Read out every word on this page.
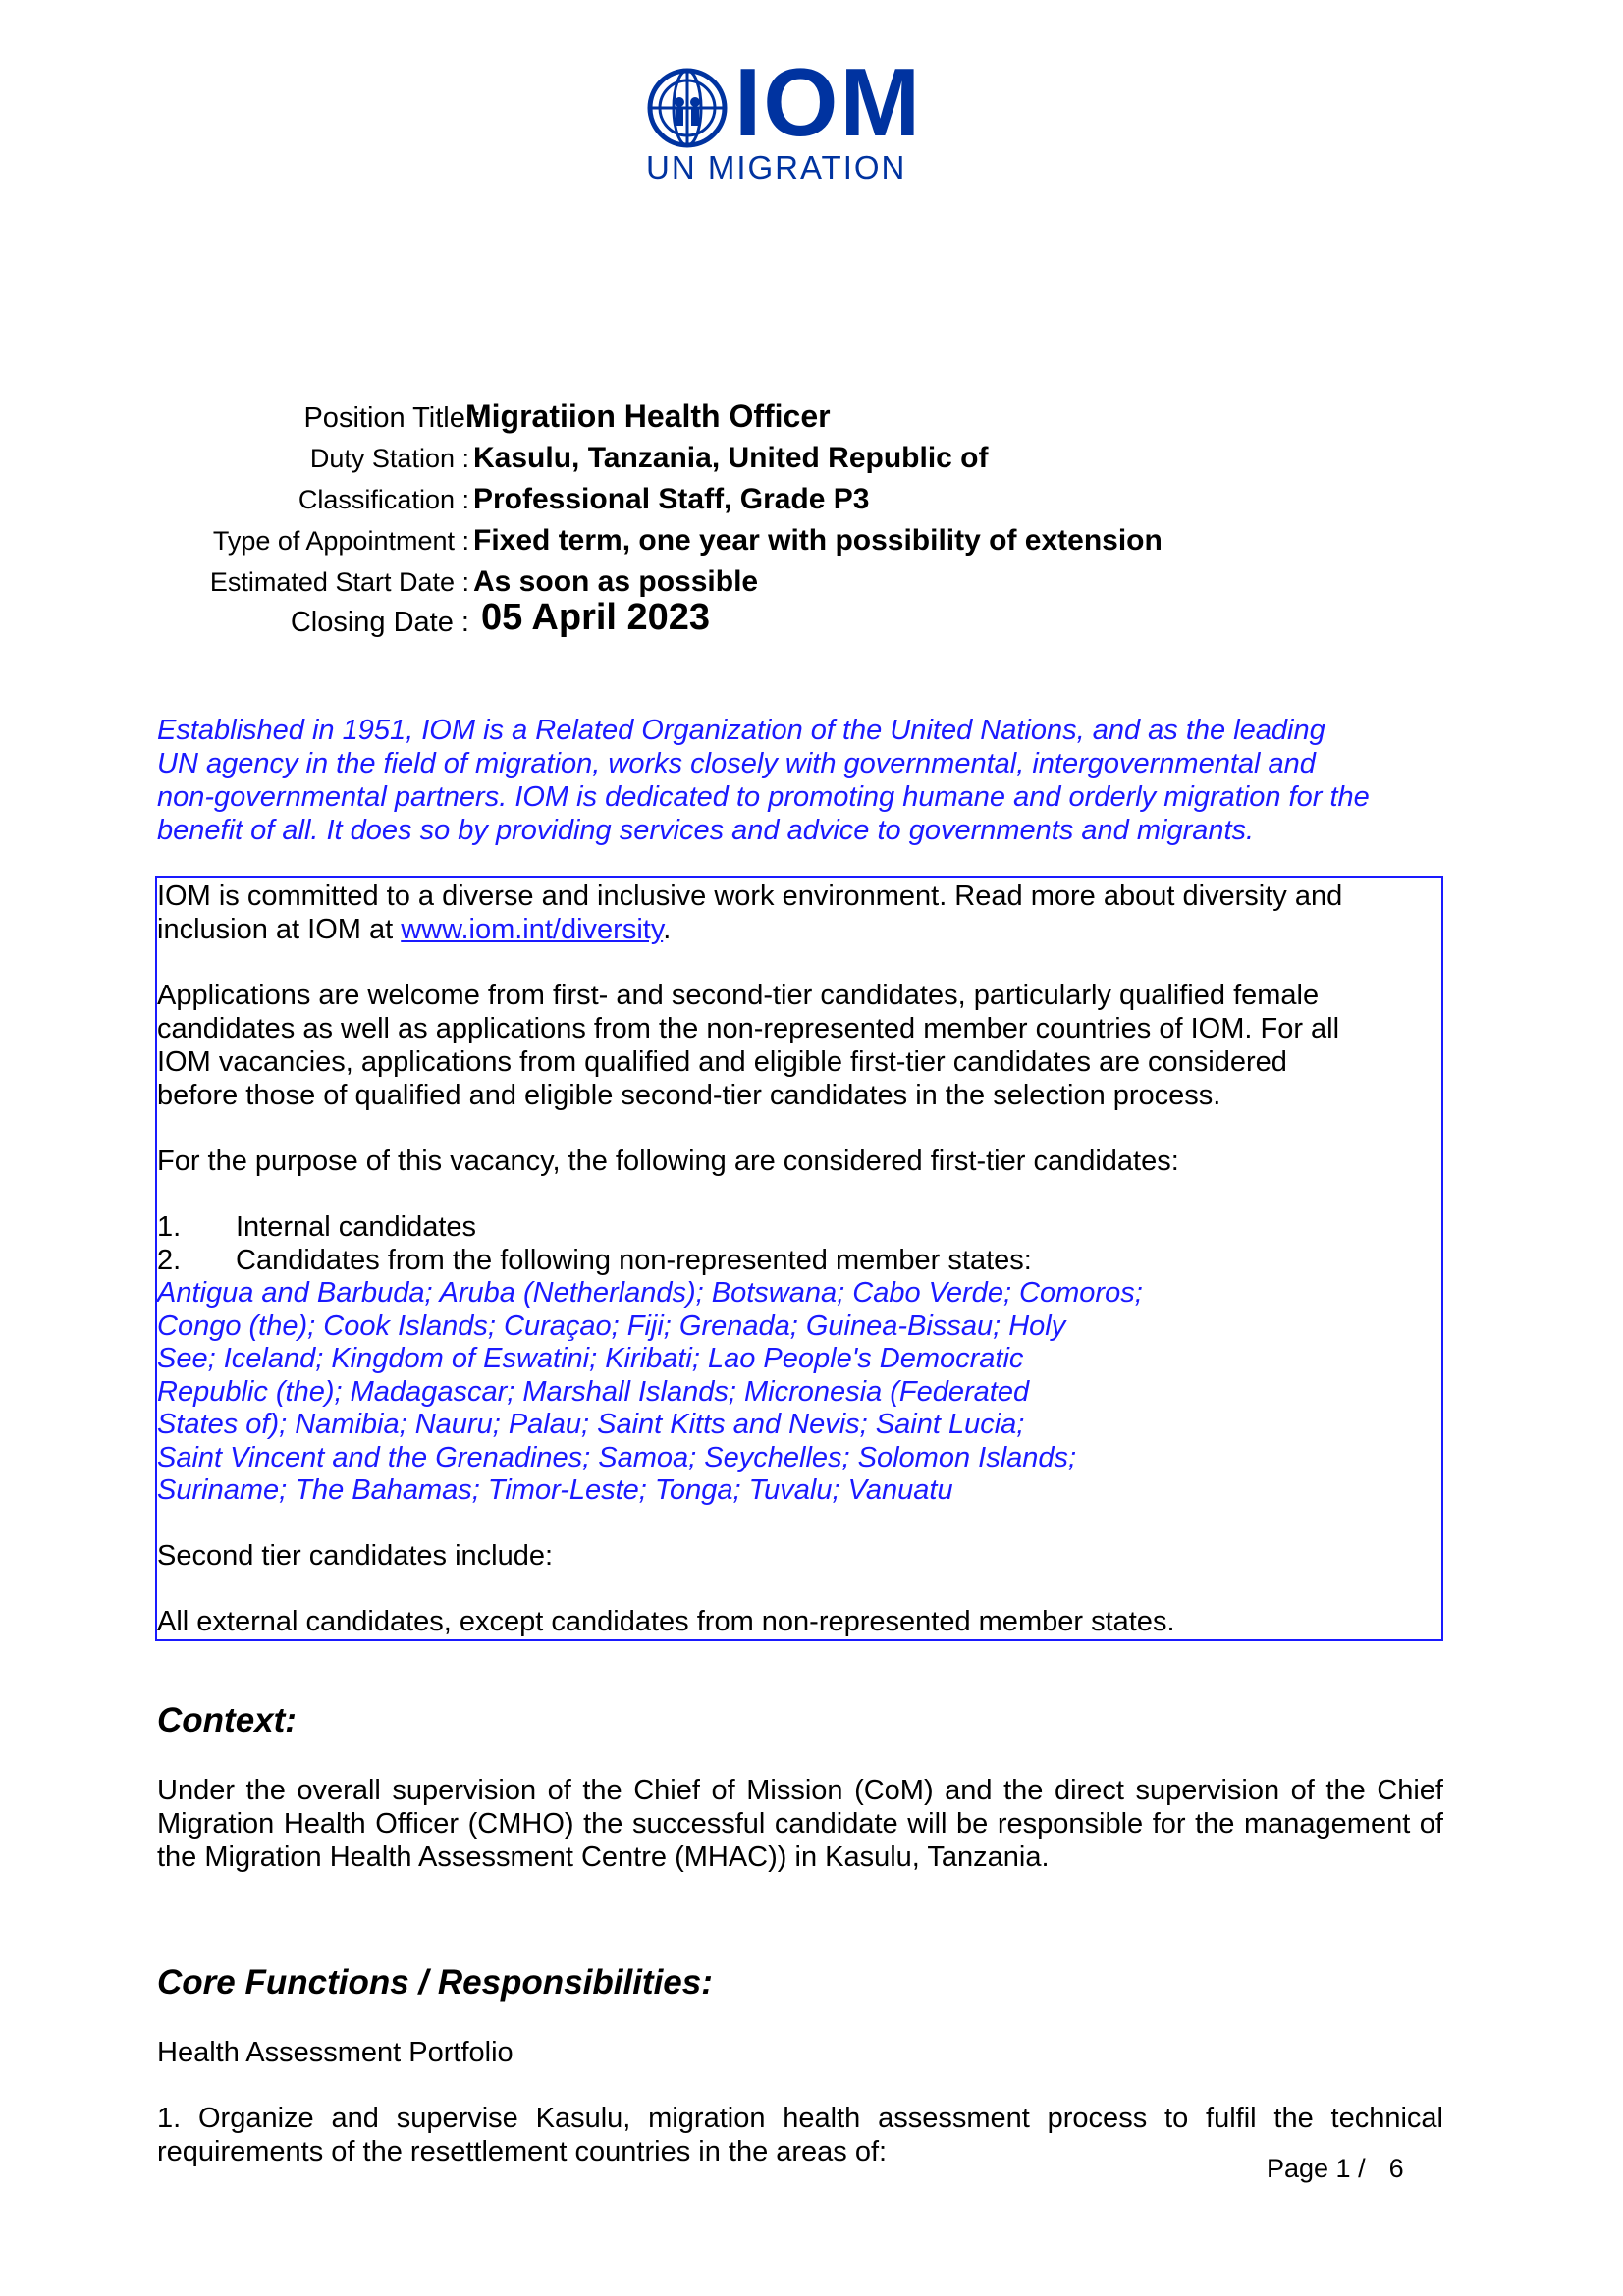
IOM
UN MIGRATION
Position Title :
Migratiion Health Officer
Duty Station : Kasulu, Tanzania, United Republic of
Classification : Professional Staff, Grade P3
Type of Appointment : Fixed term, one year with possibility of extension
Estimated Start Date : As soon as possible
Closing Date : 05 April 2023
Established in 1951, IOM is a Related Organization of the United Nations, and as the leading
UN agency in the field of migration, works closely with governmental, intergovernmental and
non-governmental partners. IOM is dedicated to promoting humane and orderly migration for the
benefit of all. It does so by providing services and advice to governments and migrants.
IOM is committed to a diverse and inclusive work environment. Read more about diversity and
inclusion at IOM at www.iom.int/diversity.
Applications are welcome from first- and second-tier candidates, particularly qualified female
candidates as well as applications from the non-represented member countries of IOM. For all
IOM vacancies, applications from qualified and eligible first-tier candidates are considered
before those of qualified and eligible second-tier candidates in the selection process.
For the purpose of this vacancy, the following are considered first-tier candidates:
1. Internal candidates
2. Candidates from the following non-represented member states:
Antigua and Barbuda; Aruba (Netherlands); Botswana; Cabo Verde; Comoros;
Congo (the); Cook Islands; Curaçao; Fiji; Grenada; Guinea-Bissau; Holy
See; Iceland; Kingdom of Eswatini; Kiribati; Lao People's Democratic
Republic (the); Madagascar; Marshall Islands; Micronesia (Federated
States of); Namibia; Nauru; Palau; Saint Kitts and Nevis; Saint Lucia;
Saint Vincent and the Grenadines; Samoa; Seychelles; Solomon Islands;
Suriname; The Bahamas; Timor-Leste; Tonga; Tuvalu; Vanuatu
Second tier candidates include:
All external candidates, except candidates from non-represented member states.
Context:
Under the overall supervision of the Chief of Mission (CoM) and the direct supervision of the Chief Migration Health Officer (CMHO) the successful candidate will be responsible for the management of the Migration Health Assessment Centre (MHAC)) in Kasulu, Tanzania.
Core Functions / Responsibilities:
Health Assessment Portfolio
1. Organize and supervise Kasulu, migration health assessment process to fulfil the technical requirements of the resettlement countries in the areas of:
Page 1 / 6
